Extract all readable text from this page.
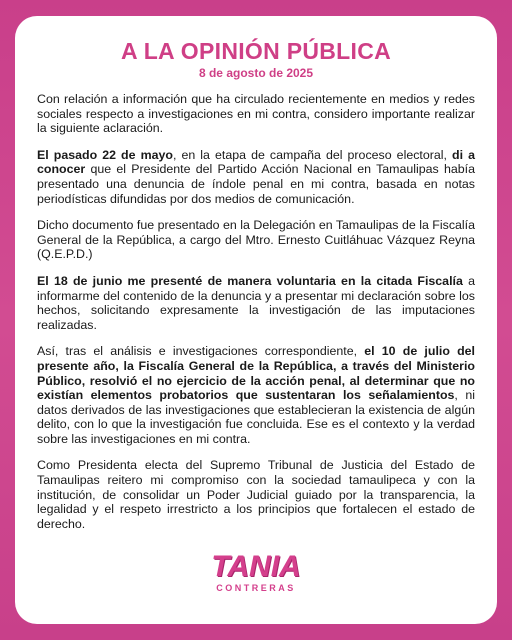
A LA OPINIÓN PÚBLICA
8 de agosto de 2025

Con relación a información que ha circulado recientemente en medios y redes sociales respecto a investigaciones en mi contra, considero importante realizar la siguiente aclaración.

El pasado 22 de mayo, en la etapa de campaña del proceso electoral, di a conocer que el Presidente del Partido Acción Nacional en Tamaulipas había presentado una denuncia de índole penal en mi contra, basada en notas periodísticas difundidas por dos medios de comunicación.

Dicho documento fue presentado en la Delegación en Tamaulipas de la Fiscalía General de la República, a cargo del Mtro. Ernesto Cuitláhuac Vázquez Reyna (Q.E.P.D.)

El 18 de junio me presenté de manera voluntaria en la citada Fiscalía a informarme del contenido de la denuncia y a presentar mi declaración sobre los hechos, solicitando expresamente la investigación de las imputaciones realizadas.

Así, tras el análisis e investigaciones correspondiente, el 10 de julio del presente año, la Fiscalía General de la República, a través del Ministerio Público, resolvió el no ejercicio de la acción penal, al determinar que no existían elementos probatorios que sustentaran los señalamientos, ni datos derivados de las investigaciones que establecieran la existencia de algún delito, con lo que la investigación fue concluida. Ese es el contexto y la verdad sobre las investigaciones en mi contra.

Como Presidenta electa del Supremo Tribunal de Justicia del Estado de Tamaulipas reitero mi compromiso con la sociedad tamaulipeca y con la institución, de consolidar un Poder Judicial guiado por la transparencia, la legalidad y el respeto irrestricto a los principios que fortalecen el estado de derecho.

TANIA
CONTRERAS
